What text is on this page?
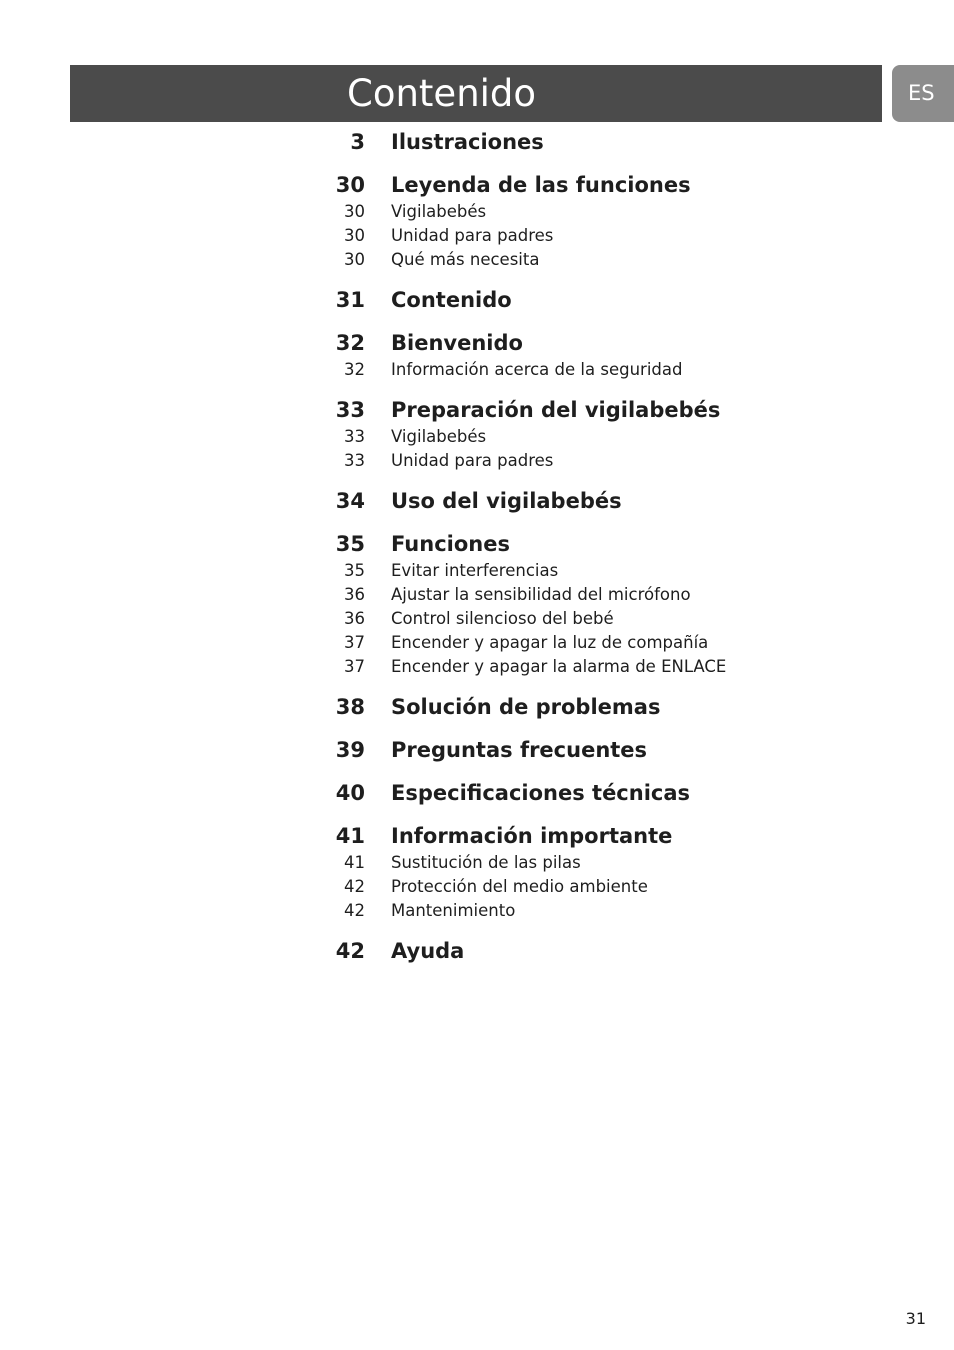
Contenido	ES
3 Ilustraciones
30 Leyenda de las funciones
30 Vigilabebés
30 Unidad para padres
30 Qué más necesita
31 Contenido
32 Bienvenido
32 Información acerca de la seguridad
33 Preparación del vigilabebés
33 Vigilabebés
33 Unidad para padres
34 Uso del vigilabebés
35 Funciones
35 Evitar interferencias
36 Ajustar la sensibilidad del micrófono
36 Control silencioso del bebé
37 Encender y apagar la luz de compañía
37 Encender y apagar la alarma de ENLACE
38 Solución de problemas
39 Preguntas frecuentes
40 Especificaciones técnicas
41 Información importante
41 Sustitución de las pilas
42 Protección del medio ambiente
42 Mantenimiento
42 Ayuda
31
